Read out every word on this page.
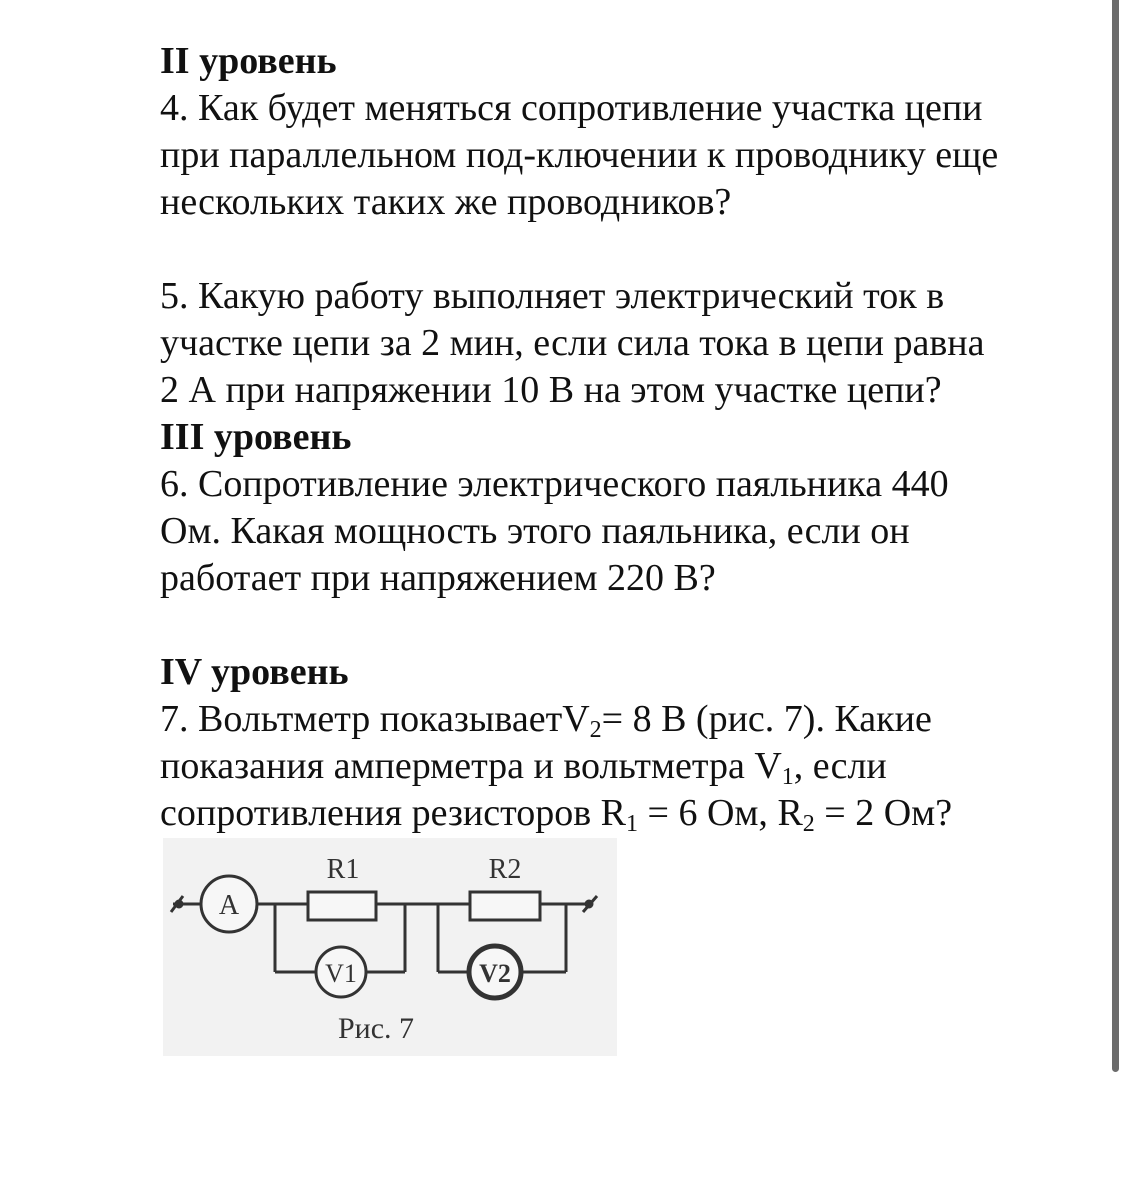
II уровень

4. Как будет меняться сопротивление участка цепи

при параллельном под-ключении к проводнику еще

нескольких таких же проводников?

5. Какую работу выполняет электрический ток в

участке цепи за 2 мин, если сила тока в цепи равна

2 А при напряжении 10 В на этом участке цепи?

III уровень

6. Сопротивление электрического паяльника 440

Ом. Какая мощность этого паяльника, если он

работает при напряжением 220 В?

IV уровень

7. Вольтметр показываетV$_2$= 8 В (рис. 7). Какие

показания амперметра и вольтметра $V_1$, если

сопротивления резисторов $R_1 = 6$ Ом, $R_2 = 2$ Ом?

A
R1	R2
V1	V2
Рис. 7
